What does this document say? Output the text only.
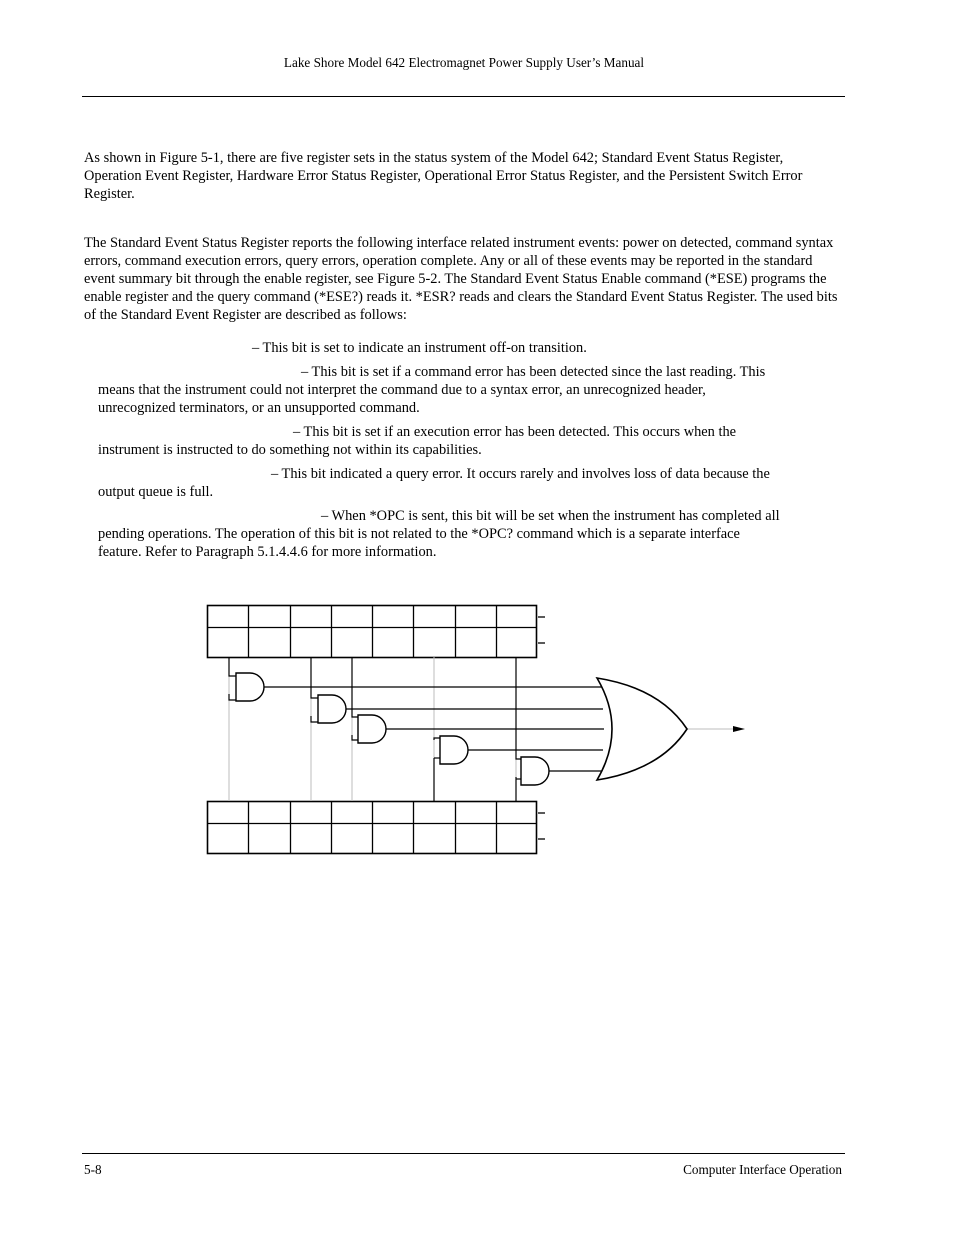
Lake Shore Model 642 Electromagnet Power Supply User’s Manual
As shown in Figure 5-1, there are five register sets in the status system of the Model 642; Standard Event Status Register, Operation Event Register, Hardware Error Status Register, Operational Error Status Register, and the Persistent Switch Error Register.
The Standard Event Status Register reports the following interface related instrument events: power on detected, command syntax errors, command execution errors, query errors, operation complete. Any or all of these events may be reported in the standard event summary bit through the enable register, see Figure 5-2. The Standard Event Status Enable command (*ESE) programs the enable register and the query command (*ESE?) reads it. *ESR? reads and clears the Standard Event Status Register. The used bits of the Standard Event Register are described as follows:
– This bit is set to indicate an instrument off-on transition.
– This bit is set if a command error has been detected since the last reading. This
means that the instrument could not interpret the command due to a syntax error, an unrecognized header,
unrecognized terminators, or an unsupported command.
– This bit is set if an execution error has been detected. This occurs when the
instrument is instructed to do something not within its capabilities.
– This bit indicated a query error. It occurs rarely and involves loss of data because the
output queue is full.
– When *OPC is sent, this bit will be set when the instrument has completed all
pending operations. The operation of this bit is not related to the *OPC? command which is a separate interface
feature. Refer to Paragraph 5.1.4.4.6 for more information.
5-8	Computer Interface Operation
